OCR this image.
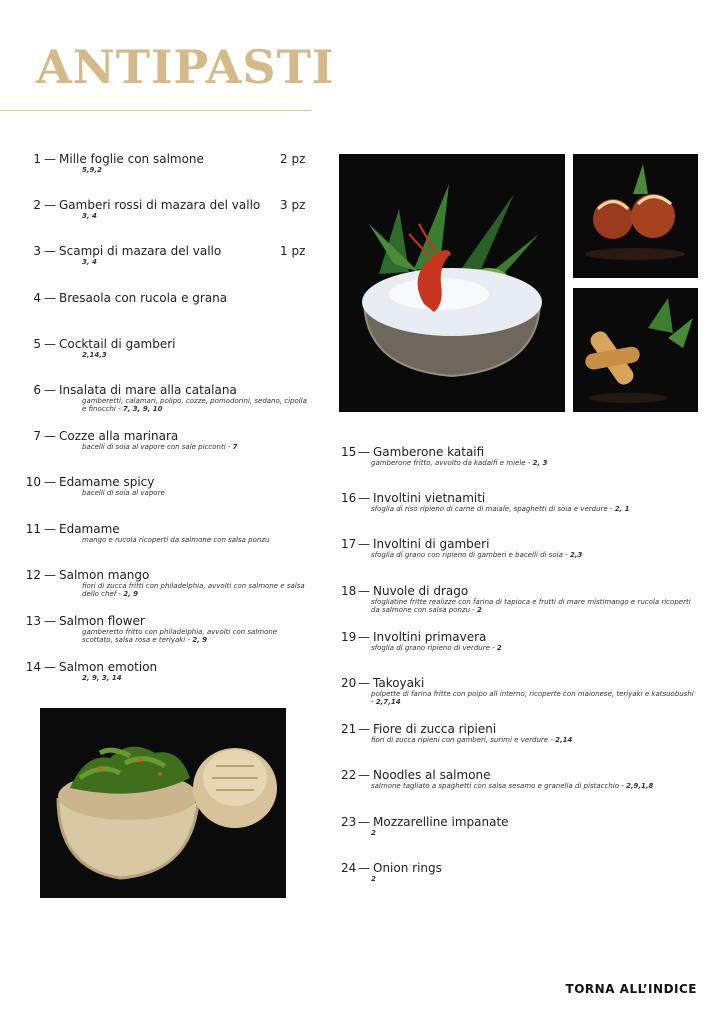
ANTIPASTI
1 — Mille foglie con salmone	2 pz
5,9,2
2 — Gamberi rossi di mazara del vallo	3 pz
3, 4
3 — Scampi di mazara del vallo	1 pz
3, 4
4 — Bresaola con rucola e grana
5 — Cocktail di gamberi
2,14,3
6 — Insalata di mare alla catalana
gamberetti, calamari, polipo, cozze, pomodorini, sedano, cipolla e finocchi - 7, 3, 9, 10
7 — Cozze alla marinara
bacelli di soia al vapore con sale picconti - 7
10 — Edamame spicy
bacelli di soia al vapore
11 — Edamame
mango e rucola ricoperti da salmone con salsa ponzu
12 — Salmon mango
fiori di zucca fritti con philadelphia, avvolti con salmone e salsa dello chef - 2, 9
13 — Salmon flower
gamberetto fritto con philadelphia, avvolti con salmone scottato, salsa rosa e teriyaki - 2, 9
14 — Salmon emotion
2, 9, 3, 14
15 — Gamberone kataifi
gamberone fritto, avvolto da kadaifi e miele - 2, 3
16 — Involtini vietnamiti
sfoglia di riso ripieno di carne di maiale, spaghetti di soia e verdure - 2, 1
17 — Involtini di gamberi
sfoglia di grano con ripieno di gamberi e bacelli di soia - 2,3
18 — Nuvole di drago
sfogliatine fritte realizze con farina di tapioca e frutti di mare mistimango e rucola ricoperti da salmone con salsa ponzu - 2
19 — Involtini primavera
sfoglia di grano ripieno di verdure - 2
20 — Takoyaki
polpette di farina fritte con polpo all interno, ricoperte con maionese, teriyaki e katsuobushi - 2,7,14
21 — Fiore di zucca ripieni
fiori di zucca ripieni con gamberi, surimi e verdure - 2,14
22 — Noodles al salmone
salmone tagliato a spaghetti con salsa sesamo e granella di pistacchio - 2,9,1,8
23 — Mozzarelline impanate
2
24 — Onion rings
2
TORNA ALL’INDICE
